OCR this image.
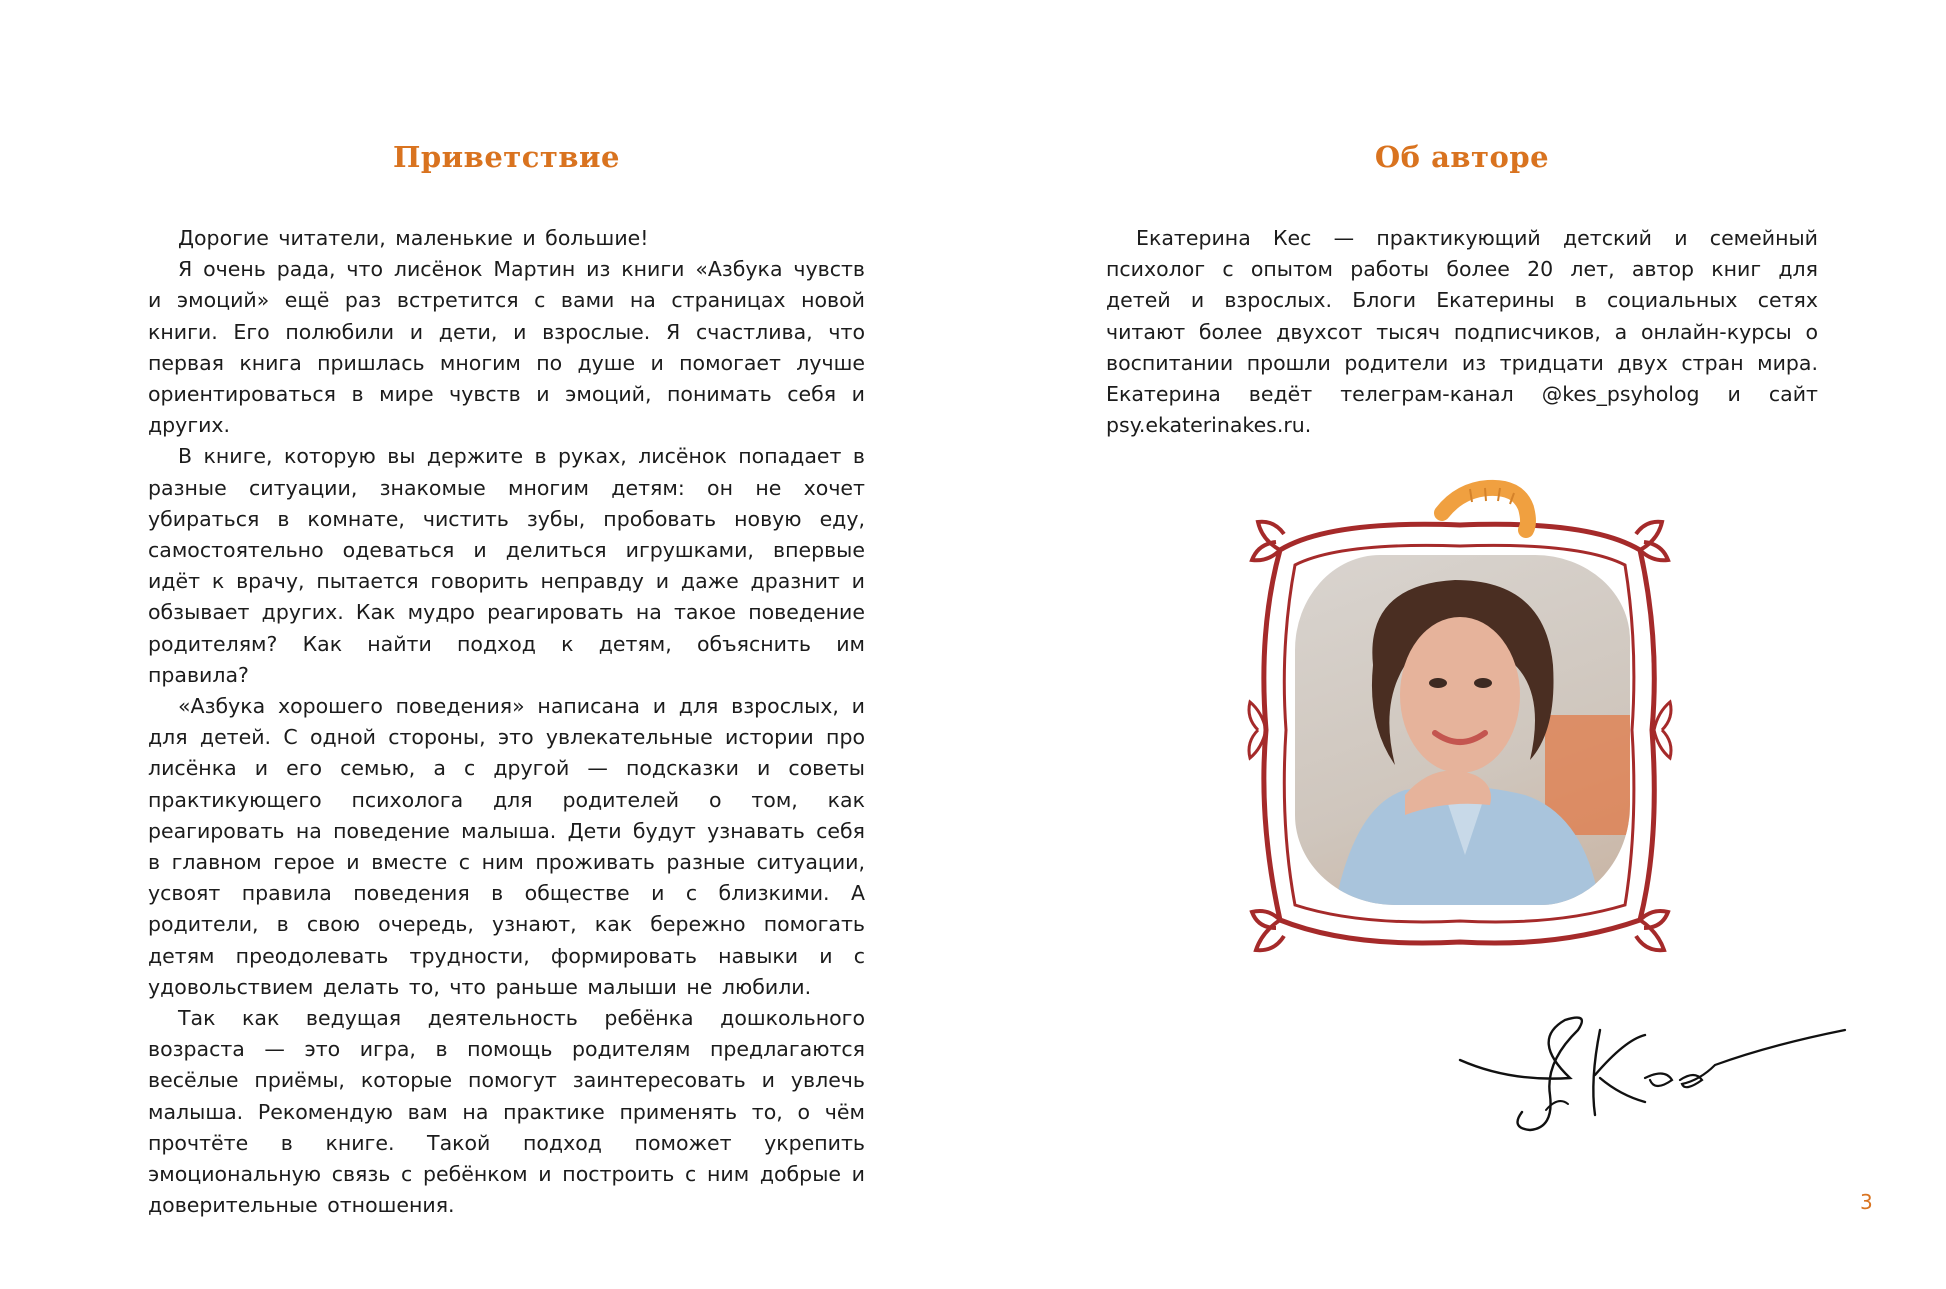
Приветствие

Дорогие читатели, маленькие и большие!

Я очень рада, что лисёнок Мартин из книги «Азбука чувств и эмоций» ещё раз встретится с вами на страницах новой книги. Его полюбили и дети, и взрослые. Я счастлива, что первая книга пришлась многим по душе и помогает лучше ориентироваться в мире чувств и эмоций, понимать себя и других.

В книге, которую вы держите в руках, лисёнок попадает в разные ситуации, знакомые многим детям: он не хочет убираться в комнате, чистить зубы, пробовать новую еду, самостоятельно одеваться и делиться игрушками, впервые идёт к врачу, пытается говорить неправду и даже дразнит и обзывает других. Как мудро реагировать на такое поведение родителям? Как найти подход к детям, объяснить им правила?

«Азбука хорошего поведения» написана и для взрослых, и для детей. С одной стороны, это увлекательные истории про лисёнка и его семью, а с другой — подсказки и советы практикующего психолога для родителей о том, как реагировать на поведение малыша. Дети будут узнавать себя в главном герое и вместе с ним проживать разные ситуации, усвоят правила поведения в обществе и с близкими. А родители, в свою очередь, узнают, как бережно помогать детям преодолевать трудности, формировать навыки и с удовольствием делать то, что раньше малыши не любили.

Так как ведущая деятельность ребёнка дошкольного возраста — это игра, в помощь родителям предлагаются весёлые приёмы, которые помогут заинтересовать и увлечь малыша. Рекомендую вам на практике применять то, о чём прочтёте в книге. Такой подход поможет укрепить эмоциональную связь с ребёнком и построить с ним добрые и доверительные отношения.

Об авторе

Екатерина Кес — практикующий детский и семейный психолог с опытом работы более 20 лет, автор книг для детей и взрослых. Блоги Екатерины в социальных сетях читают более двухсот тысяч подписчиков, а онлайн-курсы о воспитании прошли родители из тридцати двух стран мира. Екатерина ведёт телеграм-канал @kes_psyholog и сайт psy.ekaterinakes.ru.

3
